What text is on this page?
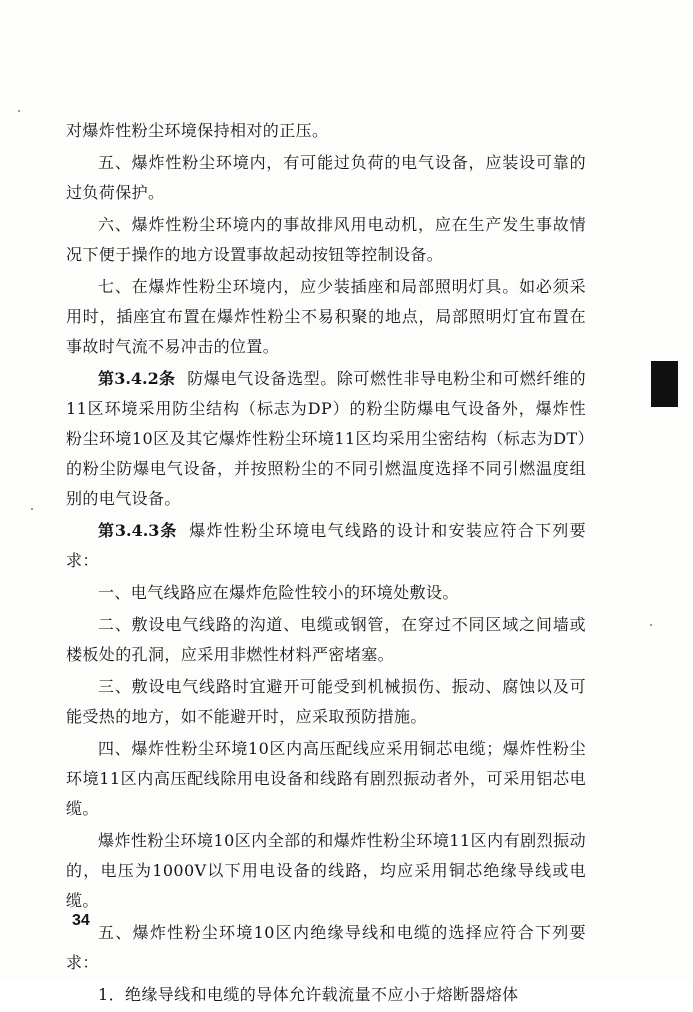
对爆炸性粉尘环境保持相对的正压。

五、爆炸性粉尘环境内，有可能过负荷的电气设备，应装设可靠的过负荷保护。

六、爆炸性粉尘环境内的事故排风用电动机，应在生产发生事故情况下便于操作的地方设置事故起动按钮等控制设备。

七、在爆炸性粉尘环境内，应少装插座和局部照明灯具。如必须采用时，插座宜布置在爆炸性粉尘不易积聚的地点，局部照明灯宜布置在事故时气流不易冲击的位置。

第3.4.2条 防爆电气设备选型。除可燃性非导电粉尘和可燃纤维的11区环境采用防尘结构（标志为DP）的粉尘防爆电气设备外，爆炸性粉尘环境10区及其它爆炸性粉尘环境11区均采用尘密结构（标志为DT）的粉尘防爆电气设备，并按照粉尘的不同引燃温度选择不同引燃温度组别的电气设备。

第3.4.3条 爆炸性粉尘环境电气线路的设计和安装应符合下列要求：

一、电气线路应在爆炸危险性较小的环境处敷设。

二、敷设电气线路的沟道、电缆或钢管，在穿过不同区域之间墙或楼板处的孔洞，应采用非燃性材料严密堵塞。

三、敷设电气线路时宜避开可能受到机械损伤、振动、腐蚀以及可能受热的地方，如不能避开时，应采取预防措施。

四、爆炸性粉尘环境10区内高压配线应采用铜芯电缆；爆炸性粉尘环境11区内高压配线除用电设备和线路有剧烈振动者外，可采用铝芯电缆。

爆炸性粉尘环境10区内全部的和爆炸性粉尘环境11区内有剧烈振动的，电压为1000V以下用电设备的线路，均应采用铜芯绝缘导线或电缆。

五、爆炸性粉尘环境10区内绝缘导线和电缆的选择应符合下列要求：

1．绝缘导线和电缆的导体允许载流量不应小于熔断器熔体

34
